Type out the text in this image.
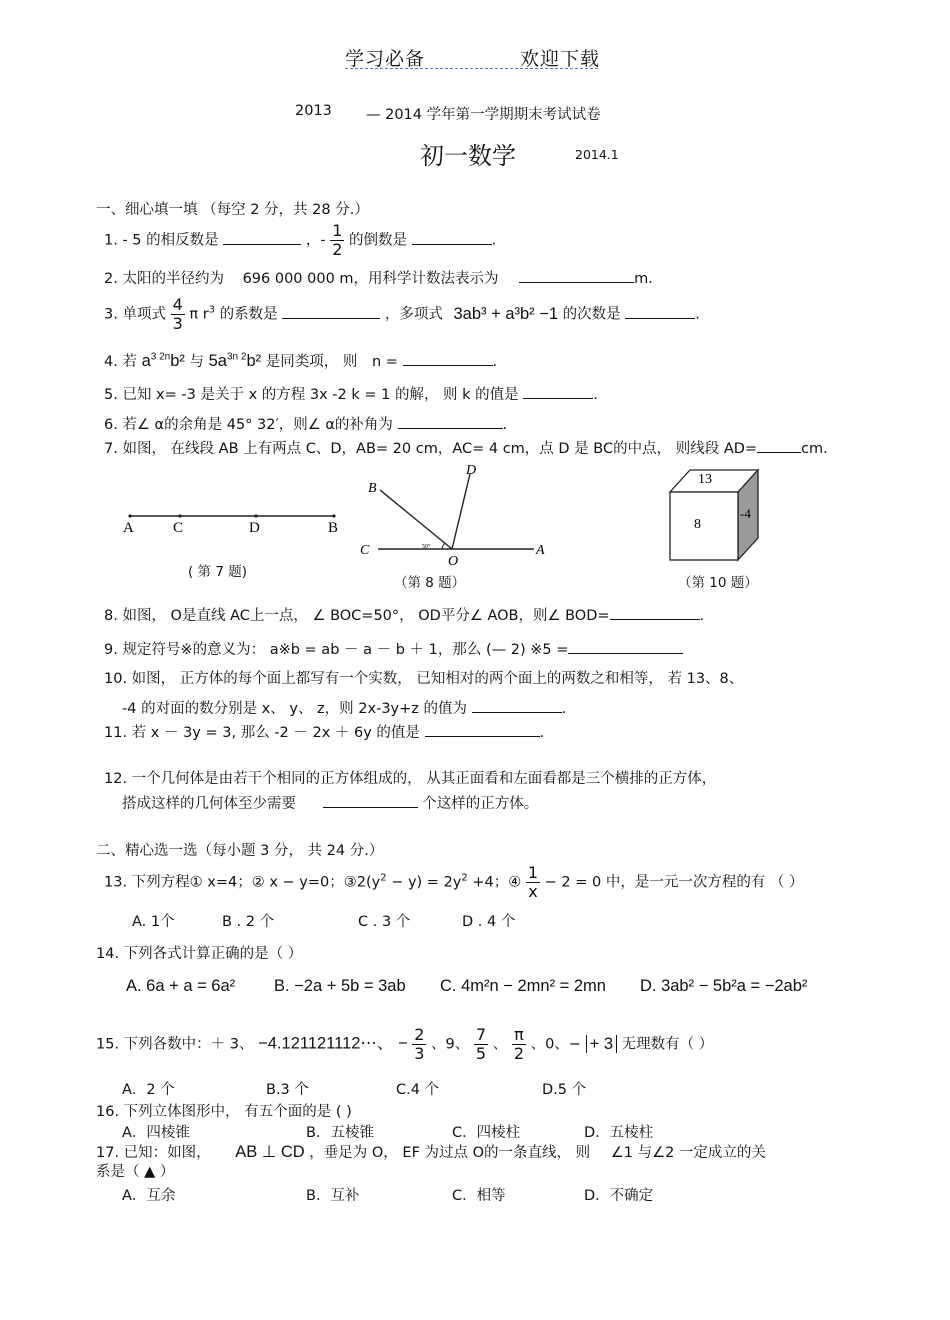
学习必备	欢迎下载
2013 — 2014 学年第一学期期末考试试卷
初一数学	2014.1
一、细心填一填 （每空 2 分，共 28 分.）
1. - 5 的相反数是	，- $\frac{1}{2}$ 的倒数是	.
2. 太阳的半径约为 696 000 000 m，用科学计数法表示为	m.
3. 单项式 $\frac{4}{3}$ π $r^3$ 的系数是	，多项式 3ab³ + a³b² −1 的次数是	.
4. 若 $a^{3 2n}b^2$ 与 $5a^{3n 2}b^2$ 是同类项， 则 n =	.
5. 已知 x= -3 是关于 x 的方程 3x -2 k = 1 的解， 则 k 的值是	.
6. 若∠ α的余角是 45° 32′，则∠ α的补角为	.
7. 如图， 在线段 AB 上有两点 C、D，AB= 20 cm，AC= 4 cm，点 D 是 BC的中点， 则线段 AD=	cm.
A	C	D	B
( 第 7 题)
B
D
C
O
A
50°
（第 8 题）
13
8
-4
（第 10 题）
8. 如图， O是直线 AC上一点， ∠ BOC=50°， OD平分∠ AOB，则∠ BOD=	.
9. 规定符号※的意义为： a※b = ab － a － b ＋ 1，那么 (— 2) ※5 =
10. 如图， 正方体的每个面上都写有一个实数， 已知相对的两个面上的两数之和相等， 若 13、8、
-4 的对面的数分别是 x、 y、 z，则 2x-3y+z 的值为	.
11. 若 x － 3y = 3, 那么 -2 － 2x ＋ 6y 的值是	.
12. 一个几何体是由若干个相同的正方体组成的， 从其正面看和左面看都是三个横排的正方体，
搭成这样的几何体至少需要	个这样的正方体。
二、精心选一选（每小题 3 分， 共 24 分.）
13. 下列方程① x=4；② x − y=0；$③2(y^2 - y) = 2y^2 +4$；④ $\frac{1}{x} - 2 = 0$ 中，是一元一次方程的有 （ ）
A. 1个	B . 2 个	C . 3 个	D . 4 个
14. 下列各式计算正确的是（ ）
A. 6a + a = 6a² B. −2a + 5b = 3ab C. 4m²n − 2mn² = 2mn D. 3ab² − 5b²a = −2ab²
15. 下列各数中：＋ 3、 −4.121121112⋯、 − $\frac{2}{3}$ 、9、 $\frac{7}{5}$ 、 $\frac{\pi}{2}$ 、0、− + 3 无理数有（ ）
A．2 个	B.3 个	C.4 个	D.5 个
16. 下列立体图形中， 有五个面的是 ( )
A．四棱锥	B．五棱锥	C．四棱柱	D．五棱柱
17. 已知：如图， AB ⊥ CD ，垂足为 O， EF 为过点 O的一条直线， 则 ∠1 与∠2 一定成立的关
系是（ ▲ ）
A．互余	B．互补	C．相等	D．不确定
